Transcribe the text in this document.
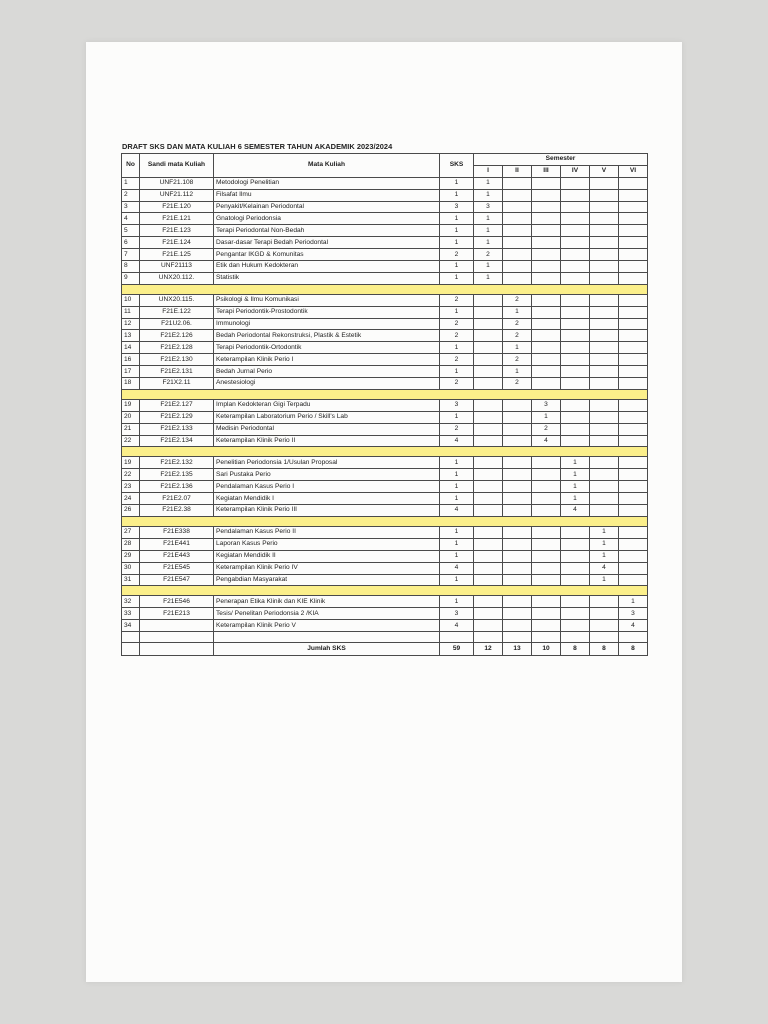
DRAFT SKS DAN MATA KULIAH 6 SEMESTER TAHUN AKADEMIK 2023/2024
No	Sandi mata Kuliah	Mata Kuliah	SKS	Semester					
				I	II	III	IV	V	VI
1	UNF21.108	Metodologi Penelitian	1	1					
2	UNF21.112	Filsafat Ilmu	1	1					
3	F21E.120	Penyakit/Kelainan Periodontal	3	3					
4	F21E.121	Gnatologi Periodonsia	1	1					
5	F21E.123	Terapi Periodontal Non-Bedah	1	1					
6	F21E.124	Dasar-dasar Terapi Bedah Periodontal	1	1					
7	F21E.125	Pengantar IKGD & Komunitas	2	2					
8	UNF21113	Etik dan Hukum Kedokteran	1	1					
9	UNX20.112.	Statistik	1	1					

10	UNX20.115.	Psikologi & Ilmu Komunikasi	2		2				
11	F21E.122	Terapi Periodontik-Prostodontik	1		1				
12	F21U2.06.	Immunologi	2		2				
13	F21E2.126	Bedah Periodontal Rekonstruksi, Plastik & Estetik	2		2				
14	F21E2.128	Terapi Periodontik-Ortodontik	1		1				
16	F21E2.130	Keterampilan Klinik Perio I	2		2				
17	F21E2.131	Bedah Jurnal Perio	1		1				
18	F21X2.11	Anestesiologi	2		2				

19	F21E2.127	Implan Kedokteran Gigi Terpadu	3			3			
20	F21E2.129	Keterampilan Laboratorium Perio / Skill's Lab	1			1			
21	F21E2.133	Medisin Periodontal	2			2			
22	F21E2.134	Keterampilan Klinik Perio II	4			4			

19	F21E2.132	Penelitian Periodonsia 1/Usulan Proposal	1				1		
22	F21E2.135	Sari Pustaka Perio	1				1		
23	F21E2.136	Pendalaman Kasus Perio I	1				1		
24	F21E2.07	Kegiatan Mendidik I	1				1		
26	F21E2.38	Keterampilan Klinik Perio III	4				4		

27	F21E338	Pendalaman Kasus Perio II	1					1	
28	F21E441	Laporan Kasus Perio	1					1	
29	F21E443	Kegiatan Mendidik II	1					1	
30	F21E545	Keterampilan Klinik Perio IV	4					4	
31	F21E547	Pengabdian Masyarakat	1					1	

32	F21E546	Penerapan Etika Klinik dan KIE Klinik	1						1
33	F21E213	Tesis/ Penelitan Periodonsia 2 /KIA	3						3
34		Keterampilan Klinik Perio V	4						4

		Jumlah SKS	59	12	13	10	8	8	8
